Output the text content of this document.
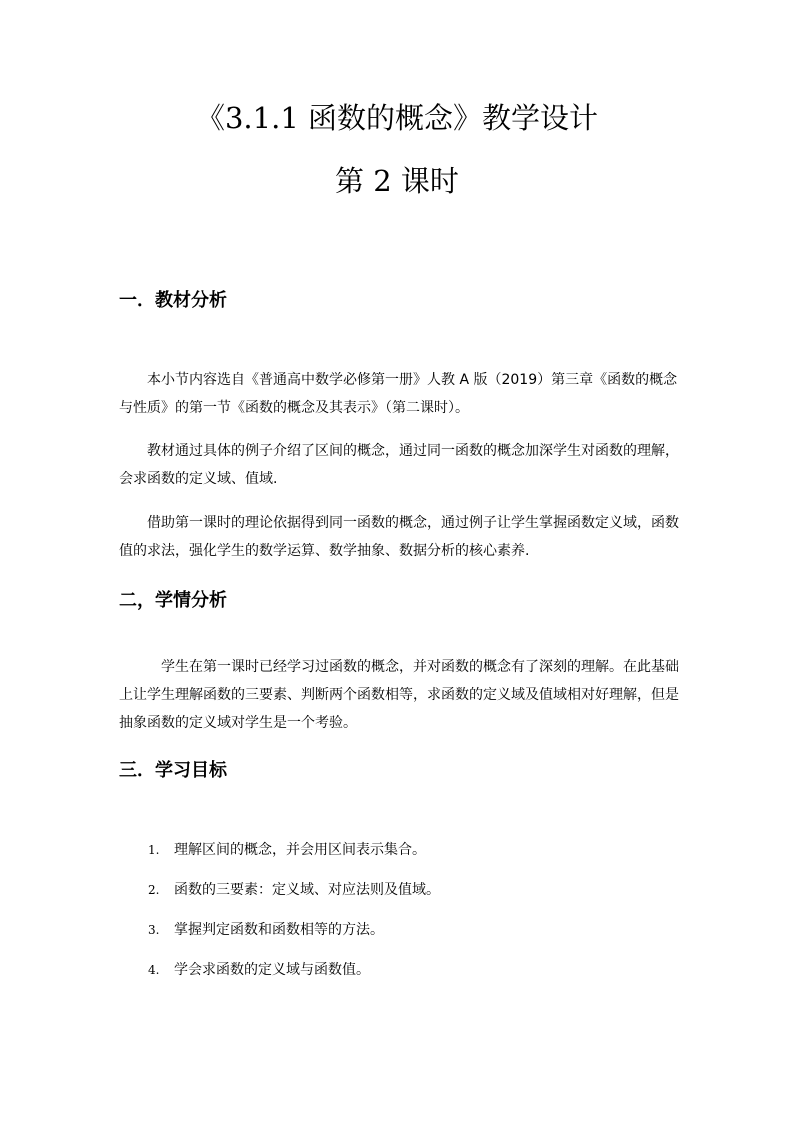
《3.1.1 函数的概念》教学设计
第 2 课时
一．教材分析
本小节内容选自《普通高中数学必修第一册》人教 A 版（2019）第三章《函数的概念与性质》的第一节《函数的概念及其表示》（第二课时）。
教材通过具体的例子介绍了区间的概念，通过同一函数的概念加深学生对函数的理解，会求函数的定义域、值域.
借助第一课时的理论依据得到同一函数的概念，通过例子让学生掌握函数定义域，函数值的求法，强化学生的数学运算、数学抽象、数据分析的核心素养.
二，学情分析
学生在第一课时已经学习过函数的概念，并对函数的概念有了深刻的理解。在此基础上让学生理解函数的三要素、判断两个函数相等，求函数的定义域及值域相对好理解，但是抽象函数的定义域对学生是一个考验。
三．学习目标
1. 理解区间的概念，并会用区间表示集合。
2. 函数的三要素：定义域、对应法则及值域。
3. 掌握判定函数和函数相等的方法。
4. 学会求函数的定义域与函数值。
